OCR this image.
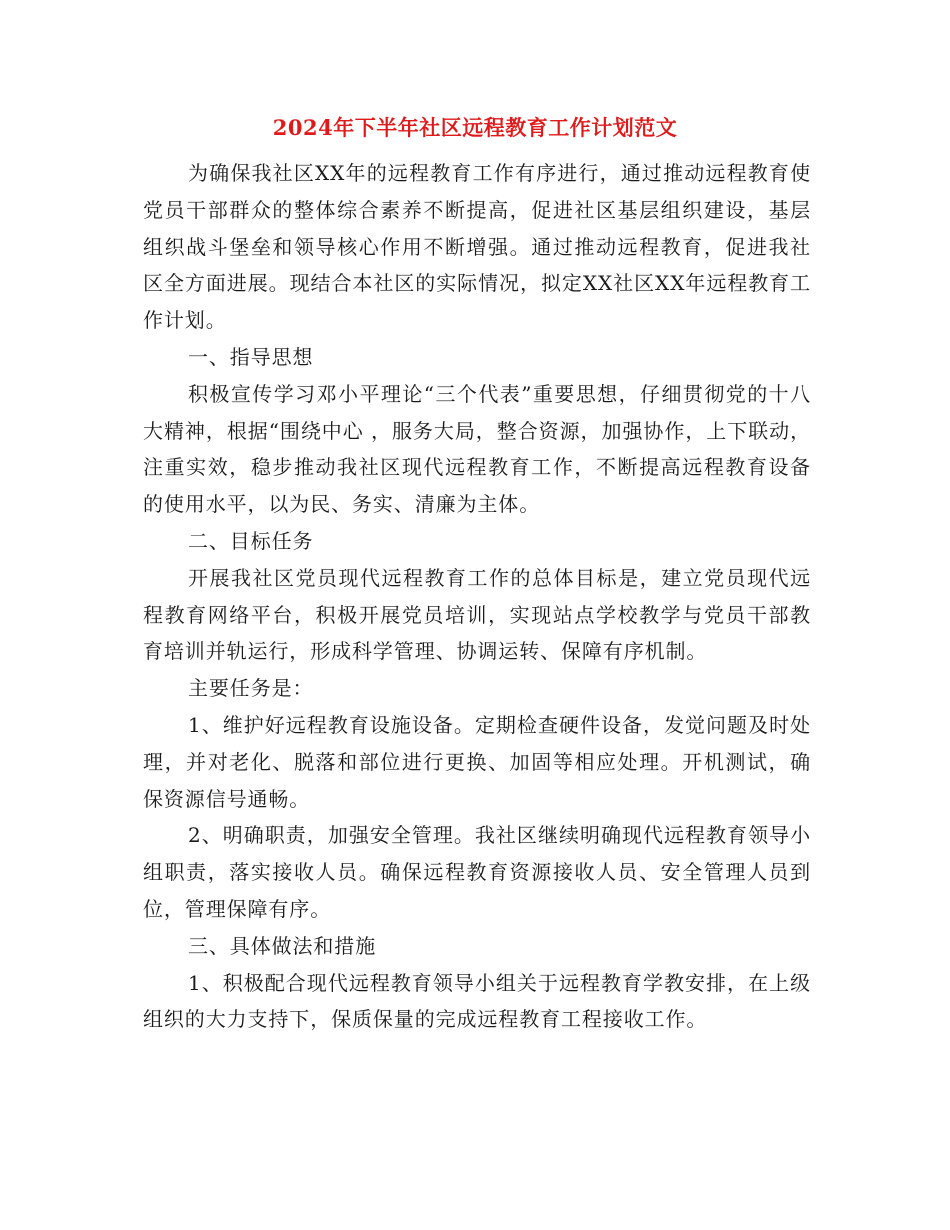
2024年下半年社区远程教育工作计划范文

为确保我社区XX年的远程教育工作有序进行，通过推动远程教育使党员干部群众的整体综合素养不断提高，促进社区基层组织建设，基层组织战斗堡垒和领导核心作用不断增强。通过推动远程教育，促进我社区全方面进展。现结合本社区的实际情况，拟定XX社区XX年远程教育工作计划。

一、指导思想

积极宣传学习邓小平理论“三个代表”重要思想，仔细贯彻党的十八大精神，根据“围绕中心 ，服务大局，整合资源，加强协作，上下联动，注重实效，稳步推动我社区现代远程教育工作，不断提高远程教育设备的使用水平，以为民、务实、清廉为主体。

二、目标任务

开展我社区党员现代远程教育工作的总体目标是，建立党员现代远程教育网络平台，积极开展党员培训，实现站点学校教学与党员干部教育培训并轨运行，形成科学管理、协调运转、保障有序机制。

主要任务是：

1、维护好远程教育设施设备。定期检查硬件设备，发觉问题及时处理，并对老化、脱落和部位进行更换、加固等相应处理。开机测试，确保资源信号通畅。

2、明确职责，加强安全管理。我社区继续明确现代远程教育领导小组职责，落实接收人员。确保远程教育资源接收人员、安全管理人员到位，管理保障有序。

三、具体做法和措施

1、积极配合现代远程教育领导小组关于远程教育学教安排，在上级组织的大力支持下，保质保量的完成远程教育工程接收工作。
